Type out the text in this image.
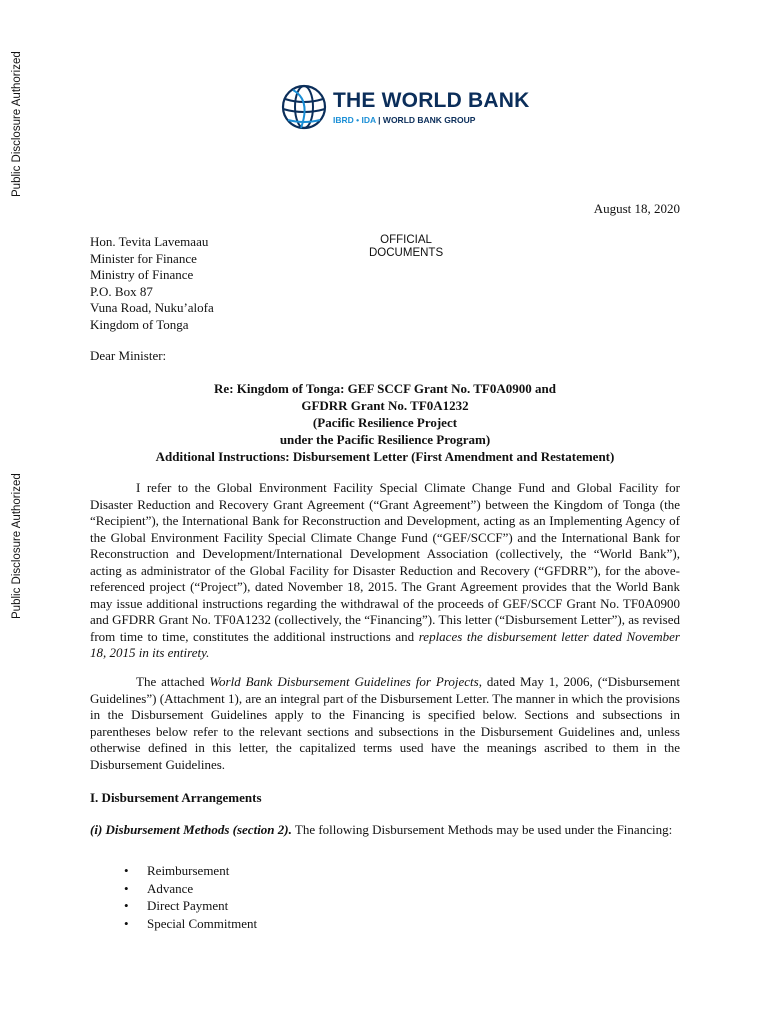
Public Disclosure Authorized
Public Disclosure Authorized
THE WORLD BANK
IBRD • IDA | WORLD BANK GROUP
OFFICIAL
DOCUMENTS
August 18, 2020
Hon. Tevita Lavemaau
Minister for Finance
Ministry of Finance
P.O. Box 87
Vuna Road, Nuku’alofa
Kingdom of Tonga
Dear Minister:
Re: Kingdom of Tonga: GEF SCCF Grant No. TF0A0900 and
GFDRR Grant No. TF0A1232
(Pacific Resilience Project
under the Pacific Resilience Program)
Additional Instructions: Disbursement Letter (First Amendment and Restatement)
I refer to the Global Environment Facility Special Climate Change Fund and Global Facility for Disaster Reduction and Recovery Grant Agreement (“Grant Agreement”) between the Kingdom of Tonga (the “Recipient”), the International Bank for Reconstruction and Development, acting as an Implementing Agency of the Global Environment Facility Special Climate Change Fund (“GEF/SCCF”) and the International Bank for Reconstruction and Development/International Development Association (collectively, the “World Bank”), acting as administrator of the Global Facility for Disaster Reduction and Recovery (“GFDRR”), for the above-referenced project (“Project”), dated November 18, 2015. The Grant Agreement provides that the World Bank may issue additional instructions regarding the withdrawal of the proceeds of GEF/SCCF Grant No. TF0A0900 and GFDRR Grant No. TF0A1232 (collectively, the “Financing”). This letter (“Disbursement Letter”), as revised from time to time, constitutes the additional instructions and replaces the disbursement letter dated November 18, 2015 in its entirety.
The attached World Bank Disbursement Guidelines for Projects, dated May 1, 2006, (“Disbursement Guidelines”) (Attachment 1), are an integral part of the Disbursement Letter. The manner in which the provisions in the Disbursement Guidelines apply to the Financing is specified below. Sections and subsections in parentheses below refer to the relevant sections and subsections in the Disbursement Guidelines and, unless otherwise defined in this letter, the capitalized terms used have the meanings ascribed to them in the Disbursement Guidelines.
I. Disbursement Arrangements
(i) Disbursement Methods (section 2). The following Disbursement Methods may be used under the Financing:
• Reimbursement
• Advance
• Direct Payment
• Special Commitment
